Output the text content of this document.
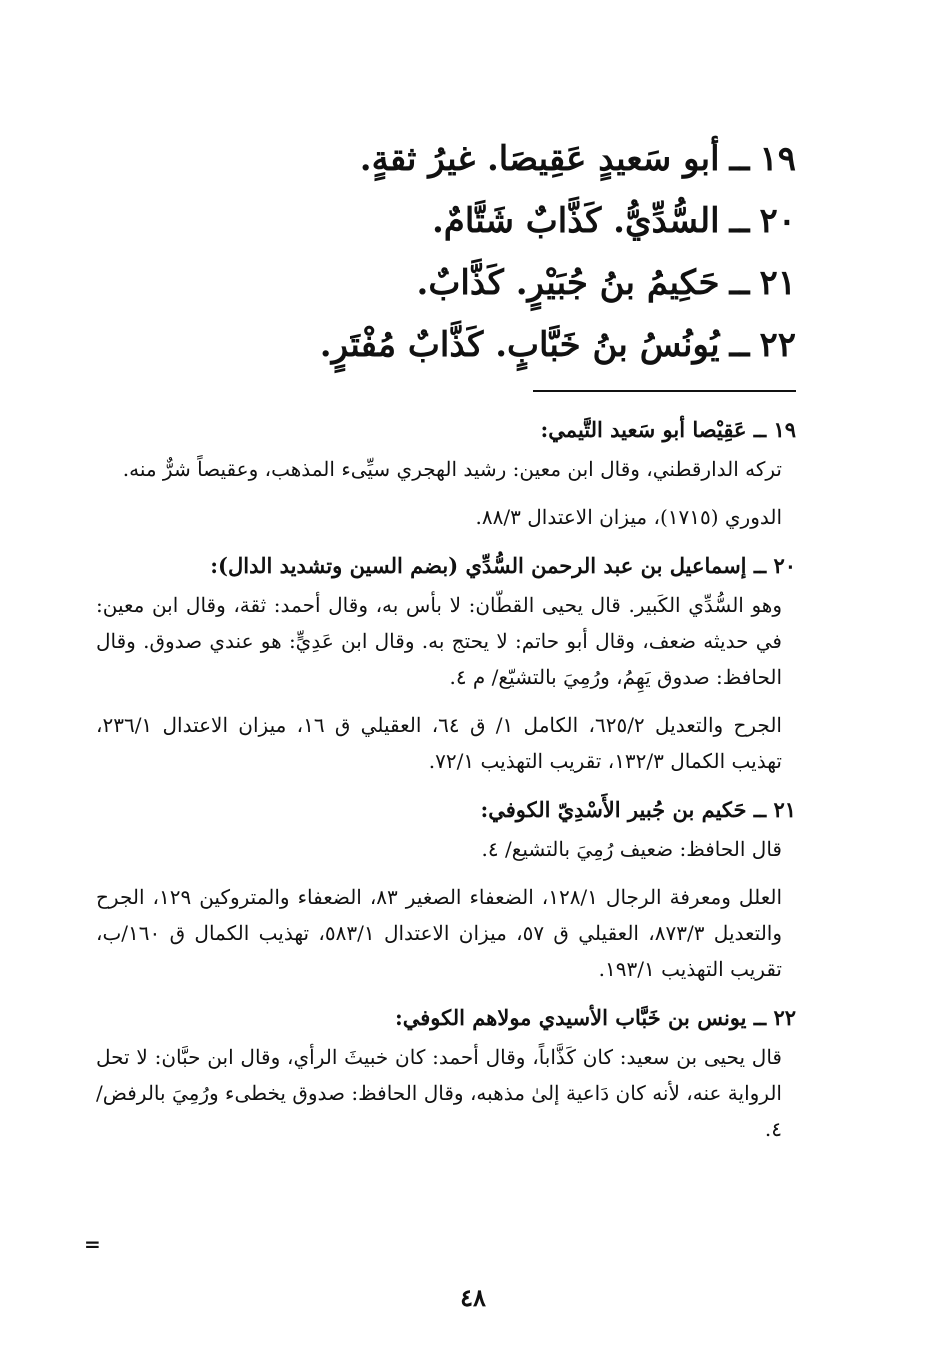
١٩ــأبو سَعيدٍ عَقِيصَا. غيرُ ثقةٍ.
٢٠ــالسُّدِّيُّ. كَذَّابٌ شَتَّامٌ.
٢١ــحَكِيمُ بنُ جُبَيْرٍ. كَذَّابٌ.
٢٢ــيُونُسُ بنُ خَبَّابٍ. كَذَّابٌ مُفْتَرٍ.

١٩ ــ عَقِيْصا أبو سَعيد التَّيمي:

تركه الدارقطني، وقال ابن معين: رشيد الهجري سيِّىء المذهب، وعقيصاً شرٌّ منه.

الدوري (١٧١٥)، ميزان الاعتدال ٨٨/٣.

٢٠ ــ إسماعيل بن عبد الرحمن السُّدِّي (بضم السين وتشديد الدال):

وهو السُّدِّي الكَبير. قال يحيى القطّان: لا بأس به، وقال أحمد: ثقة، وقال ابن معين: في حديثه ضعف، وقال أبو حاتم: لا يحتج به. وقال ابن عَدِيٍّ: هو عندي صدوق. وقال الحافظ: صدوق يَهِمُ، ورُمِيَ بالتشيّع/ م ٤.

الجرح والتعديل ٦٢٥/٢، الكامل ١/ ق ٦٤، العقيلي ق ١٦، ميزان الاعتدال ٢٣٦/١، تهذيب الكمال ١٣٢/٣، تقريب التهذيب ٧٢/١.

٢١ ــ حَكيم بن جُبير الأَسْدِيّ الكوفي:

قال الحافظ: ضعيف رُمِيَ بالتشيع/ ٤.

العلل ومعرفة الرجال ١٢٨/١، الضعفاء الصغير ٨٣، الضعفاء والمتروكين ١٢٩، الجرح والتعديل ٨٧٣/٣، العقيلي ق ٥٧، ميزان الاعتدال ٥٨٣/١، تهذيب الكمال ق ١٦٠/ب، تقريب التهذيب ١٩٣/١.

٢٢ ــ يونس بن خَبَّاب الأسيدي مولاهم الكوفي:

قال يحيى بن سعيد: كان كَذَّاباً، وقال أحمد: كان خبيثَ الرأي، وقال ابن حبَّان: لا تحل الرواية عنه، لأنه كان دَاعية إلىٰ مذهبه، وقال الحافظ: صدوق يخطىء ورُمِيَ بالرفض/ ٤.

=
٤٨
